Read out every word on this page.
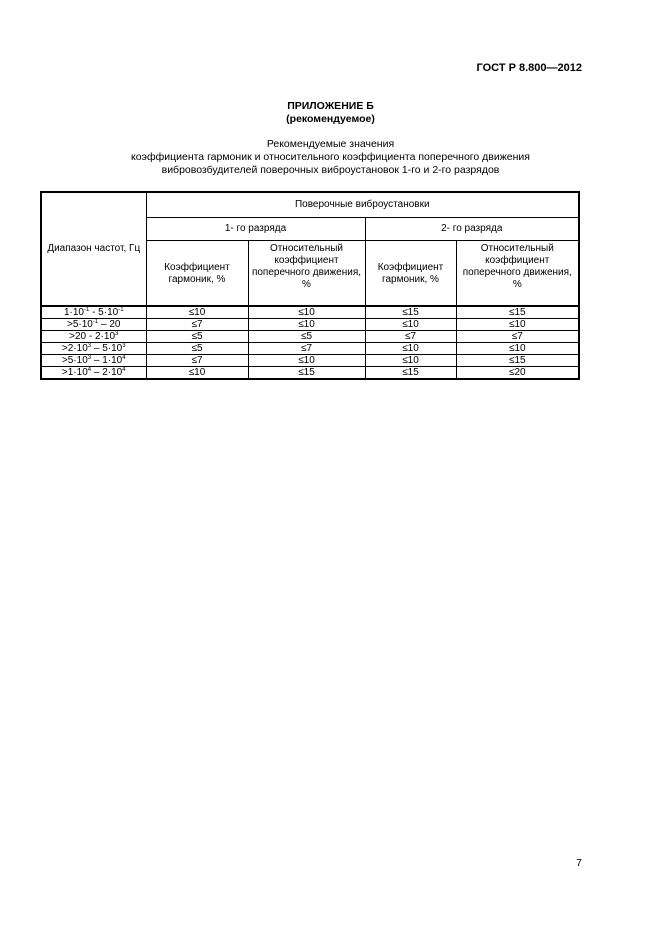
ГОСТ Р 8.800—2012
ПРИЛОЖЕНИЕ Б
(рекомендуемое)
Рекомендуемые значения
коэффициента гармоник и относительного коэффициента поперечного движения
вибровозбудителей поверочных виброустановок 1-го и 2-го разрядов
Диапазон частот, Гц	Поверочные виброустановки			
	1- го разряда		2- го разряда	
	Коэффициент гармоник, %	Относительный коэффициент поперечного движения, %	Коэффициент гармоник, %	Относительный коэффициент поперечного движения, %
$1\cdot 10^{-1} - 5\cdot 10^{-1}$	≤10	≤10	≤15	≤15
$>5\cdot 10^{-1} - 20$	≤7	≤10	≤10	≤10
$>20 - 2\cdot 10^3$	≤5	≤5	≤7	≤7
$>2\cdot 10^3 - 5\cdot 10^3$	≤5	≤7	≤10	≤10
$>5\cdot 10^3 - 1\cdot 10^4$	≤7	≤10	≤10	≤15
$>1\cdot 10^4 - 2\cdot 10^4$	≤10	≤15	≤15	≤20
7
